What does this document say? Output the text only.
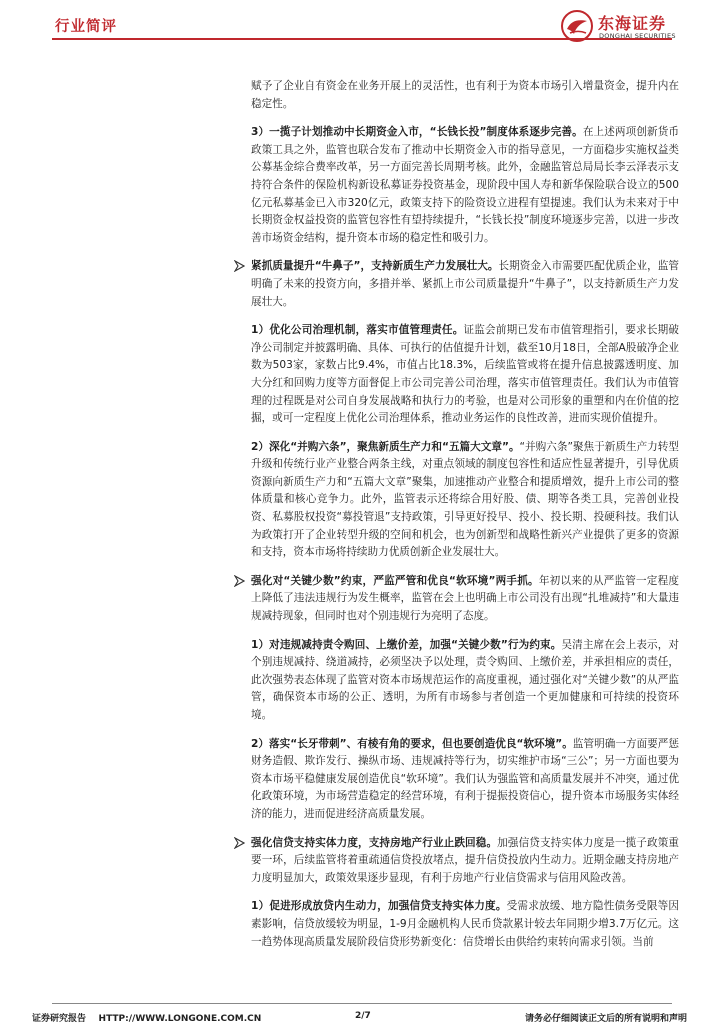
行业简评	东海证券
DONGHAI SECURITIES

赋予了企业自有资金在业务开展上的灵活性，也有利于为资本市场引入增量资金，提升内在稳定性。

3）一揽子计划推动中长期资金入市，“长钱长投”制度体系逐步完善。在上述两项创新货币政策工具之外，监管也联合发布了推动中长期资金入市的指导意见，一方面稳步实施权益类公募基金综合费率改革，另一方面完善长周期考核。此外，金融监管总局局长李云泽表示支持符合条件的保险机构新设私募证券投资基金，现阶段中国人寿和新华保险联合设立的500亿元私募基金已入市320亿元，政策支持下的险资设立进程有望提速。我们认为未来对于中长期资金权益投资的监管包容性有望持续提升，“长钱长投”制度环境逐步完善，以进一步改善市场资金结构，提升资本市场的稳定性和吸引力。

紧抓质量提升“牛鼻子”，支持新质生产力发展壮大。长期资金入市需要匹配优质企业，监管明确了未来的投资方向，多措并举、紧抓上市公司质量提升“牛鼻子”，以支持新质生产力发展壮大。

1）优化公司治理机制，落实市值管理责任。证监会前期已发布市值管理指引，要求长期破净公司制定并披露明确、具体、可执行的估值提升计划，截至10月18日，全部A股破净企业数为503家，家数占比9.4%，市值占比18.3%，后续监管或将在提升信息披露透明度、加大分红和回购力度等方面督促上市公司完善公司治理，落实市值管理责任。我们认为市值管理的过程既是对公司自身发展战略和执行力的考验，也是对公司形象的重塑和内在价值的挖掘，或可一定程度上优化公司治理体系，推动业务运作的良性改善，进而实现价值提升。

2）深化“并购六条”，聚焦新质生产力和“五篇大文章”。“并购六条”聚焦于新质生产力转型升级和传统行业产业整合两条主线，对重点领域的制度包容性和适应性显著提升，引导优质资源向新质生产力和“五篇大文章”聚集，加速推动产业整合和提质增效，提升上市公司的整体质量和核心竞争力。此外，监管表示还将综合用好股、债、期等各类工具，完善创业投资、私募股权投资“募投管退”支持政策，引导更好投早、投小、投长期、投硬科技。我们认为政策打开了企业转型升级的空间和机会，也为创新型和战略性新兴产业提供了更多的资源和支持，资本市场将持续助力优质创新企业发展壮大。

强化对“关键少数”约束，严监严管和优良“软环境”两手抓。年初以来的从严监管一定程度上降低了违法违规行为发生概率，监管在会上也明确上市公司没有出现“扎堆减持”和大量违规减持现象，但同时也对个别违规行为亮明了态度。

1）对违规减持责令购回、上缴价差，加强“关键少数”行为约束。吴清主席在会上表示，对个别违规减持、绕道减持，必须坚决予以处理，责令购回、上缴价差，并承担相应的责任，此次强势表态体现了监管对资本市场规范运作的高度重视，通过强化对“关键少数”的从严监管，确保资本市场的公正、透明，为所有市场参与者创造一个更加健康和可持续的投资环境。

2）落实“长牙带刺”、有棱有角的要求，但也要创造优良“软环境”。监管明确一方面要严惩财务造假、欺诈发行、操纵市场、违规减持等行为，切实维护市场“三公”；另一方面也要为资本市场平稳健康发展创造优良“软环境”。我们认为强监管和高质量发展并不冲突，通过优化政策环境，为市场营造稳定的经营环境，有利于提振投资信心，提升资本市场服务实体经济的能力，进而促进经济高质量发展。

强化信贷支持实体力度，支持房地产行业止跌回稳。加强信贷支持实体力度是一揽子政策重要一环，后续监管将着重疏通信贷投放堵点，提升信贷投放内生动力。近期金融支持房地产力度明显加大，政策效果逐步显现，有利于房地产行业信贷需求与信用风险改善。

1）促进形成放贷内生动力，加强信贷支持实体力度。受需求放缓、地方隐性债务受限等因素影响，信贷放缓较为明显，1-9月金融机构人民币贷款累计较去年同期少增3.7万亿元。这一趋势体现高质量发展阶段信贷形势新变化：信贷增长由供给约束转向需求引领。当前

证券研究报告    HTTP://WWW.LONGONE.COM.CN	2/7	请务必仔细阅读正文后的所有说明和声明
